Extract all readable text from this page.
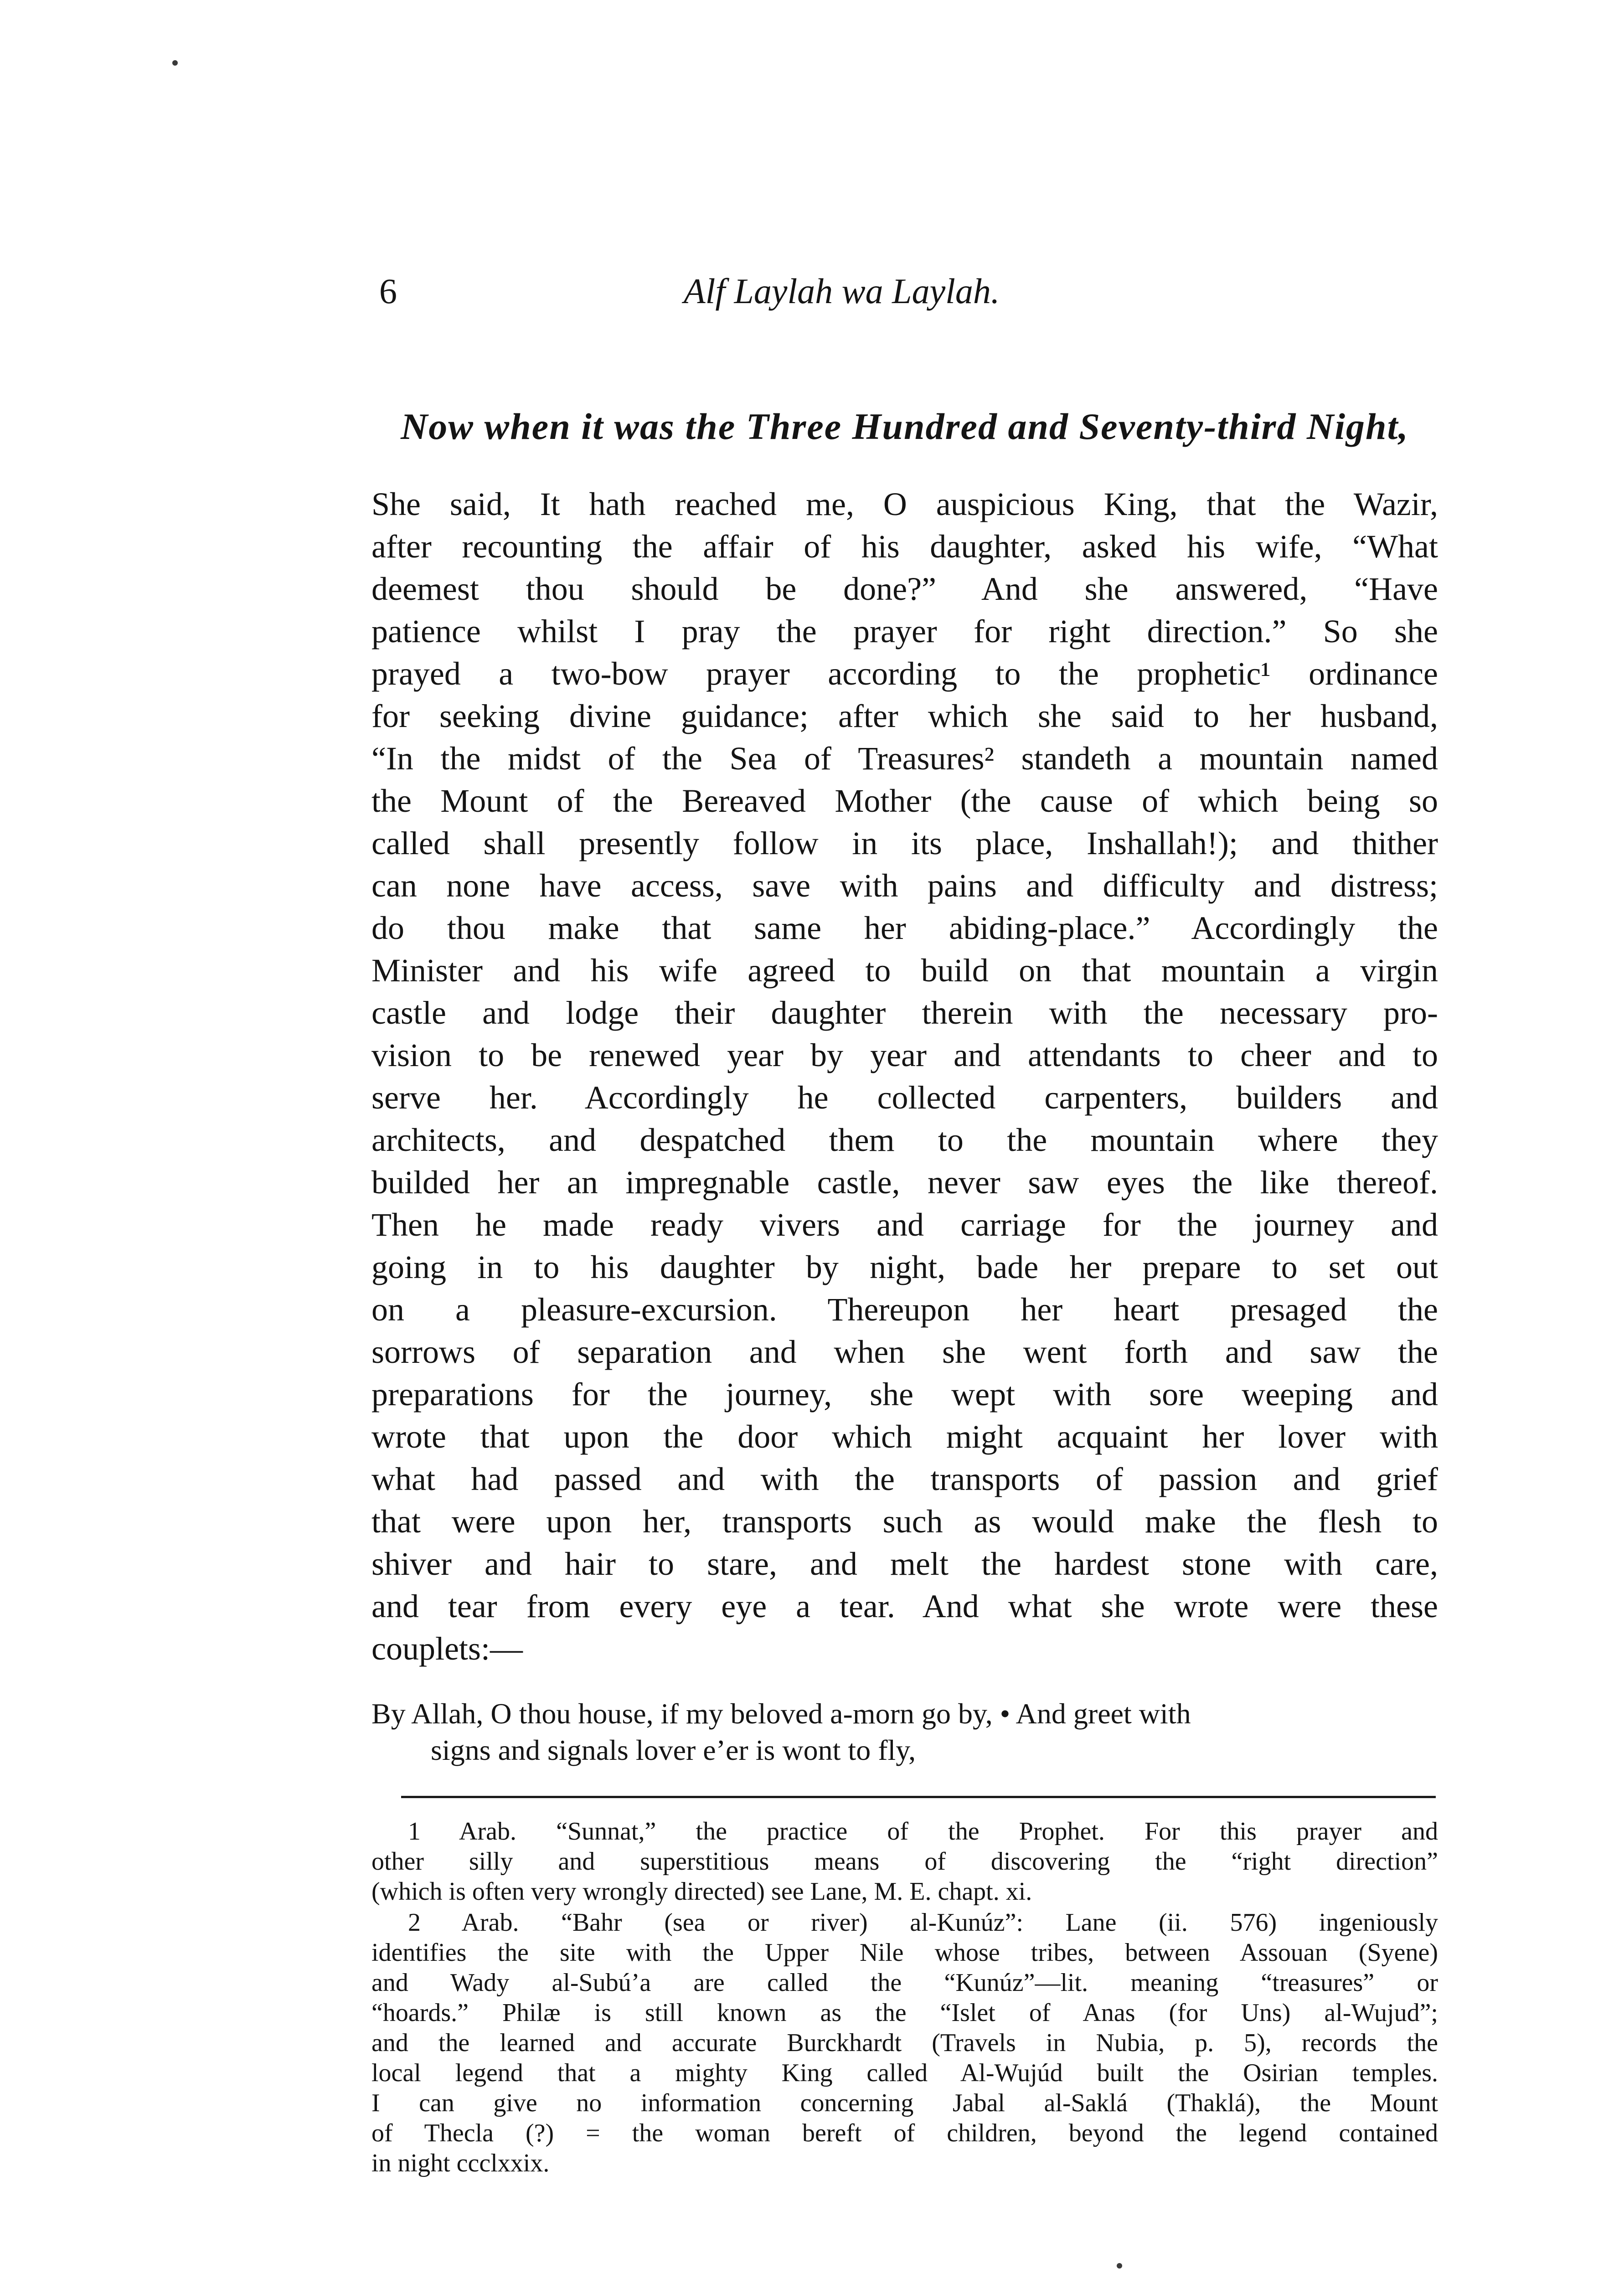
6	Alf Laylah wa Laylah.
Now when it was the Three Hundred and Seventy-third Night,
She said, It hath reached me, O auspicious King, that the Wazir,
after recounting the affair of his daughter, asked his wife, “What
deemest thou should be done?” And she answered, “Have
patience whilst I pray the prayer for right direction.” So she
prayed a two-bow prayer according to the prophetic¹ ordinance
for seeking divine guidance; after which she said to her husband,
“In the midst of the Sea of Treasures² standeth a mountain named
the Mount of the Bereaved Mother (the cause of which being so
called shall presently follow in its place, Inshallah!); and thither
can none have access, save with pains and difficulty and distress;
do thou make that same her abiding-place.” Accordingly the
Minister and his wife agreed to build on that mountain a virgin
castle and lodge their daughter therein with the necessary pro-
vision to be renewed year by year and attendants to cheer and to
serve her. Accordingly he collected carpenters, builders and
architects, and despatched them to the mountain where they
builded her an impregnable castle, never saw eyes the like thereof.
Then he made ready vivers and carriage for the journey and
going in to his daughter by night, bade her prepare to set out
on a pleasure-excursion. Thereupon her heart presaged the
sorrows of separation and when she went forth and saw the
preparations for the journey, she wept with sore weeping and
wrote that upon the door which might acquaint her lover with
what had passed and with the transports of passion and grief
that were upon her, transports such as would make the flesh to
shiver and hair to stare, and melt the hardest stone with care,
and tear from every eye a tear. And what she wrote were these
couplets:—
By Allah, O thou house, if my beloved a-morn go by, • And greet with
signs and signals lover e’er is wont to fly,
1 Arab. “Sunnat,” the practice of the Prophet. For this prayer and
other silly and superstitious means of discovering the “right direction”
(which is often very wrongly directed) see Lane, M. E. chapt. xi.
2 Arab. “Bahr (sea or river) al-Kunúz”: Lane (ii. 576) ingeniously
identifies the site with the Upper Nile whose tribes, between Assouan (Syene)
and Wady al-Subú’a are called the “Kunúz”—lit. meaning “treasures” or
“hoards.” Philæ is still known as the “Islet of Anas (for Uns) al-Wujud”;
and the learned and accurate Burckhardt (Travels in Nubia, p. 5), records the
local legend that a mighty King called Al-Wujúd built the Osirian temples.
I can give no information concerning Jabal al-Saklá (Thaklá), the Mount
of Thecla (?) = the woman bereft of children, beyond the legend contained
in night ccclxxix.
